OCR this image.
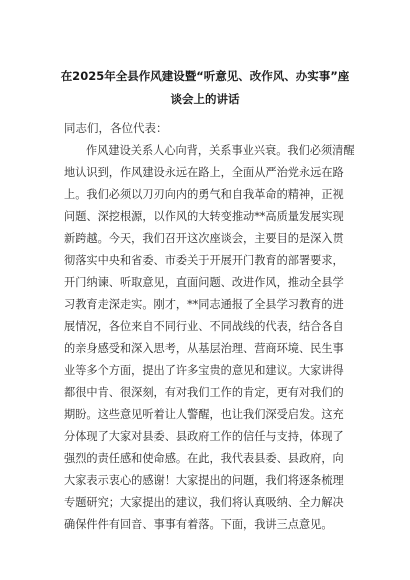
在2025年全县作风建设暨“听意见、改作风、办实事”座
谈会上的讲话
同志们，各位代表：
作风建设关系人心向背，关系事业兴衰。我们必须清醒
地认识到，作风建设永远在路上，全面从严治党永远在路
上。我们必须以刀刃向内的勇气和自我革命的精神，正视
问题、深挖根源，以作风的大转变推动**高质量发展实现
新跨越。今天，我们召开这次座谈会，主要目的是深入贯
彻落实中央和省委、市委关于开展开门教育的部署要求，
开门纳谏、听取意见，直面问题、改进作风，推动全县学
习教育走深走实。刚才，**同志通报了全县学习教育的进
展情况，各位来自不同行业、不同战线的代表，结合各自
的亲身感受和深入思考，从基层治理、营商环境、民生事
业等多个方面，提出了许多宝贵的意见和建议。大家讲得
都很中肯、很深刻，有对我们工作的肯定，更有对我们的
期盼。这些意见听着让人警醒，也让我们深受启发。这充
分体现了大家对县委、县政府工作的信任与支持，体现了
强烈的责任感和使命感。在此，我代表县委、县政府，向
大家表示衷心的感谢！大家提出的问题，我们将逐条梳理
专题研究；大家提出的建议，我们将认真吸纳、全力解决
确保件件有回音、事事有着落。下面，我讲三点意见。
